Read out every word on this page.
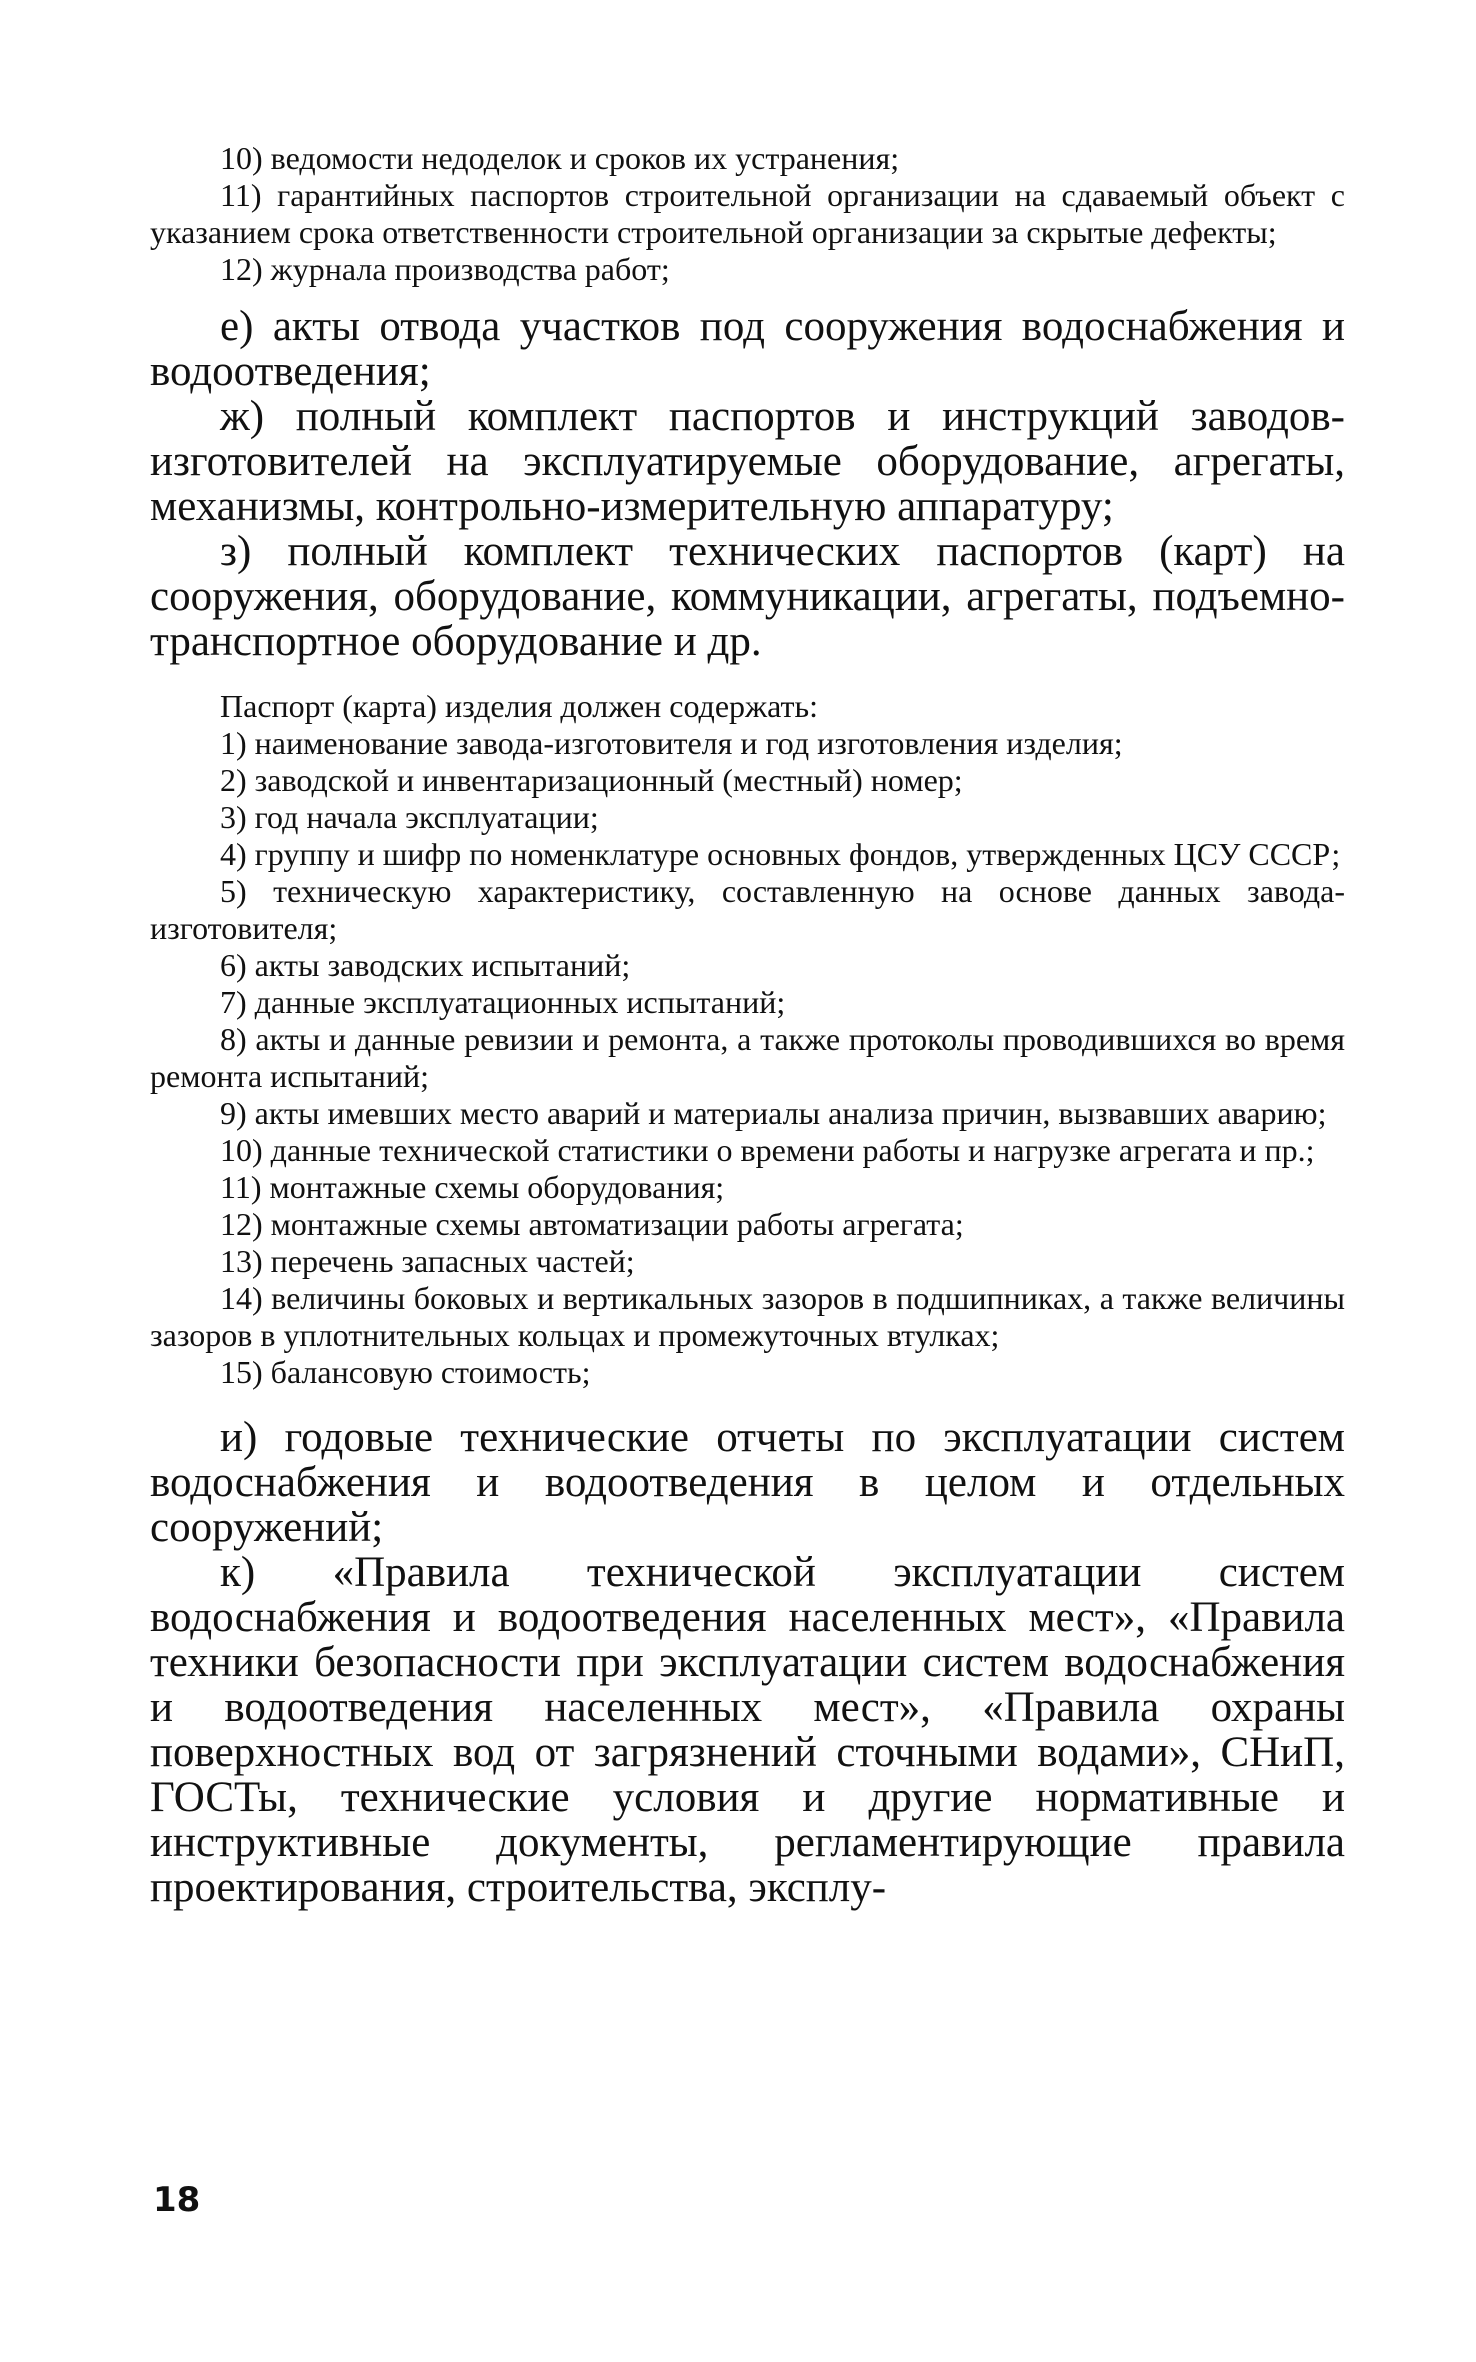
10) ведомости недоделок и сроков их устранения;

11) гарантийных паспортов строительной организации на сдаваемый объект с указанием срока ответственности строительной организации за скрытые дефекты;

12) журнала производства работ;

е) акты отвода участков под сооружения водоснабжения и водоотведения;

ж) полный комплект паспортов и инструкций заводов-изготовителей на эксплуатируемые оборудование, агрегаты, механизмы, контрольно-измерительную аппаратуру;

з) полный комплект технических паспортов (карт) на сооружения, оборудование, коммуникации, агрегаты, подъемно-транспортное оборудование и др.

Паспорт (карта) изделия должен содержать:

1) наименование завода-изготовителя и год изготовления изделия;

2) заводской и инвентаризационный (местный) номер;

3) год начала эксплуатации;

4) группу и шифр по номенклатуре основных фондов, утвержденных ЦСУ СССР;

5) техническую характеристику, составленную на основе данных завода-изготовителя;

6) акты заводских испытаний;

7) данные эксплуатационных испытаний;

8) акты и данные ревизии и ремонта, а также протоколы проводившихся во время ремонта испытаний;

9) акты имевших место аварий и материалы анализа причин, вызвавших аварию;

10) данные технической статистики о времени работы и нагрузке агрегата и пр.;

11) монтажные схемы оборудования;

12) монтажные схемы автоматизации работы агрегата;

13) перечень запасных частей;

14) величины боковых и вертикальных зазоров в подшипниках, а также величины зазоров в уплотнительных кольцах и промежуточных втулках;

15) балансовую стоимость;

и) годовые технические отчеты по эксплуатации систем водоснабжения и водоотведения в целом и отдельных сооружений;

к) «Правила технической эксплуатации систем водоснабжения и водоотведения населенных мест», «Правила техники безопасности при эксплуатации систем водоснабжения и водоотведения населенных мест», «Правила охраны поверхностных вод от загрязнений сточными водами», СНиП, ГОСТы, технические условия и другие нормативные и инструктивные документы, регламентирующие правила проектирования, строительства, эксплу-

18
